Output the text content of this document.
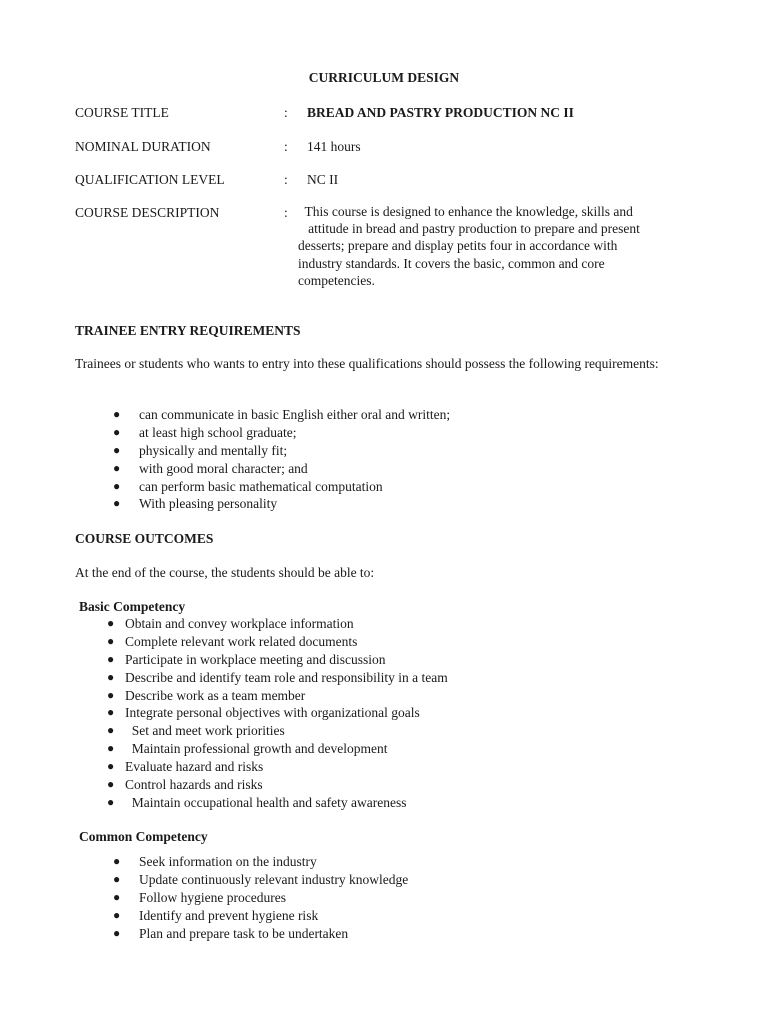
CURRICULUM DESIGN
COURSE TITLE	: BREAD AND PASTRY PRODUCTION NC II
NOMINAL DURATION	: 141 hours
QUALIFICATION LEVEL	: NC II
COURSE DESCRIPTION	: This course is designed to enhance the knowledge, skills and
attitude in bread and pastry production to prepare and present
desserts; prepare and display petits four in accordance with
industry standards. It covers the basic, common and core
competencies.
TRAINEE ENTRY REQUIREMENTS
Trainees or students who wants to entry into these qualifications should possess the following requirements:
● can communicate in basic English either oral and written;
● at least high school graduate;
● physically and mentally fit;
● with good moral character; and
● can perform basic mathematical computation
● With pleasing personality
COURSE OUTCOMES
At the end of the course, the students should be able to:
Basic Competency
● Obtain and convey workplace information
● Complete relevant work related documents
● Participate in workplace meeting and discussion
● Describe and identify team role and responsibility in a team
● Describe work as a team member
● Integrate personal objectives with organizational goals
● Set and meet work priorities
● Maintain professional growth and development
● Evaluate hazard and risks
● Control hazards and risks
● Maintain occupational health and safety awareness
Common Competency
● Seek information on the industry
● Update continuously relevant industry knowledge
● Follow hygiene procedures
● Identify and prevent hygiene risk
● Plan and prepare task to be undertaken
